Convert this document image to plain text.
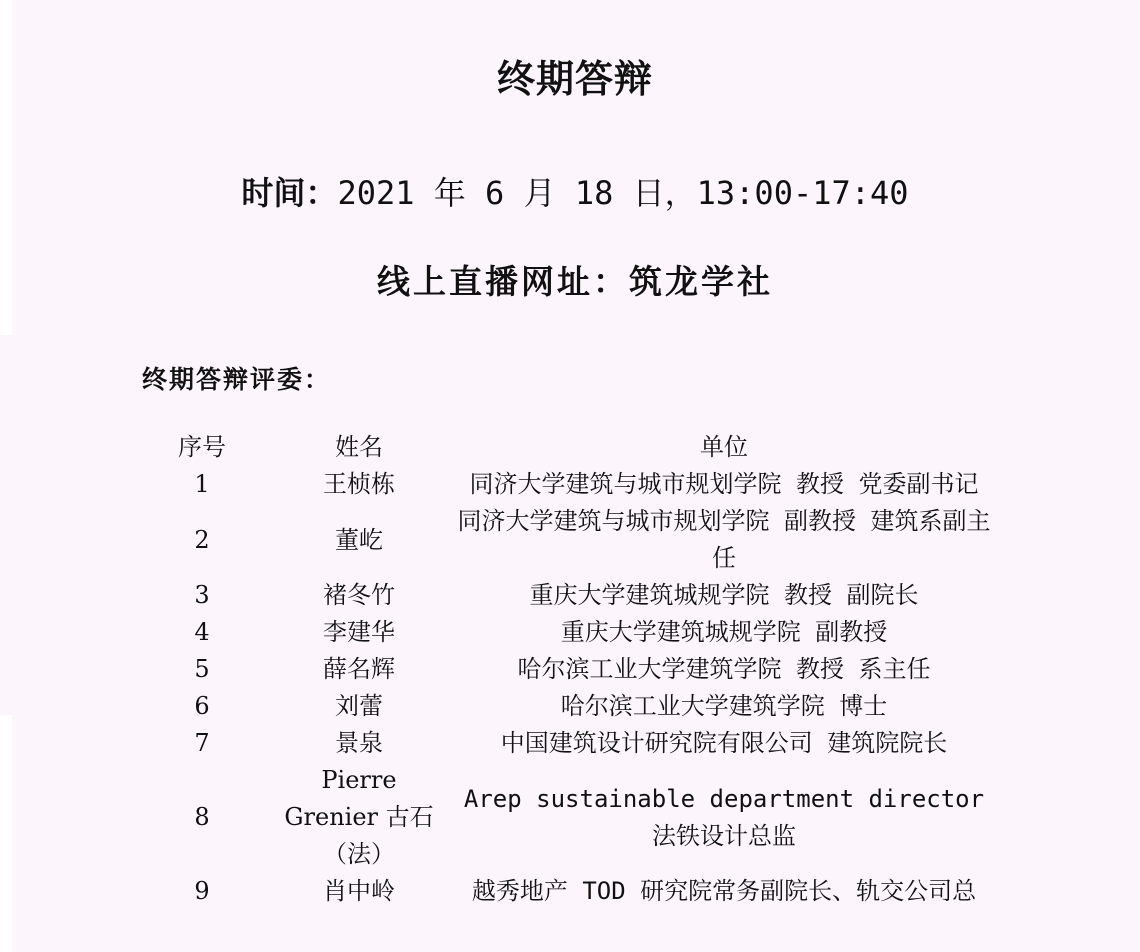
终期答辩
时间：2021 年 6 月 18 日，13:00-17:40
线上直播网址：筑龙学社
终期答辩评委：
序号	姓名	单位
1	王桢栋	同济大学建筑与城市规划学院 教授 党委副书记
2	董屹	同济大学建筑与城市规划学院 副教授 建筑系副主任
3	褚冬竹	重庆大学建筑城规学院 教授 副院长
4	李建华	重庆大学建筑城规学院 副教授
5	薛名辉	哈尔滨工业大学建筑学院 教授 系主任
6	刘蕾	哈尔滨工业大学建筑学院 博士
7	景泉	中国建筑设计研究院有限公司 建筑院院长
8	Pierre Grenier 古石（法）	Arep sustainable department director 法铁设计总监
9	肖中岭	越秀地产 TOD 研究院常务副院长、轨交公司总
